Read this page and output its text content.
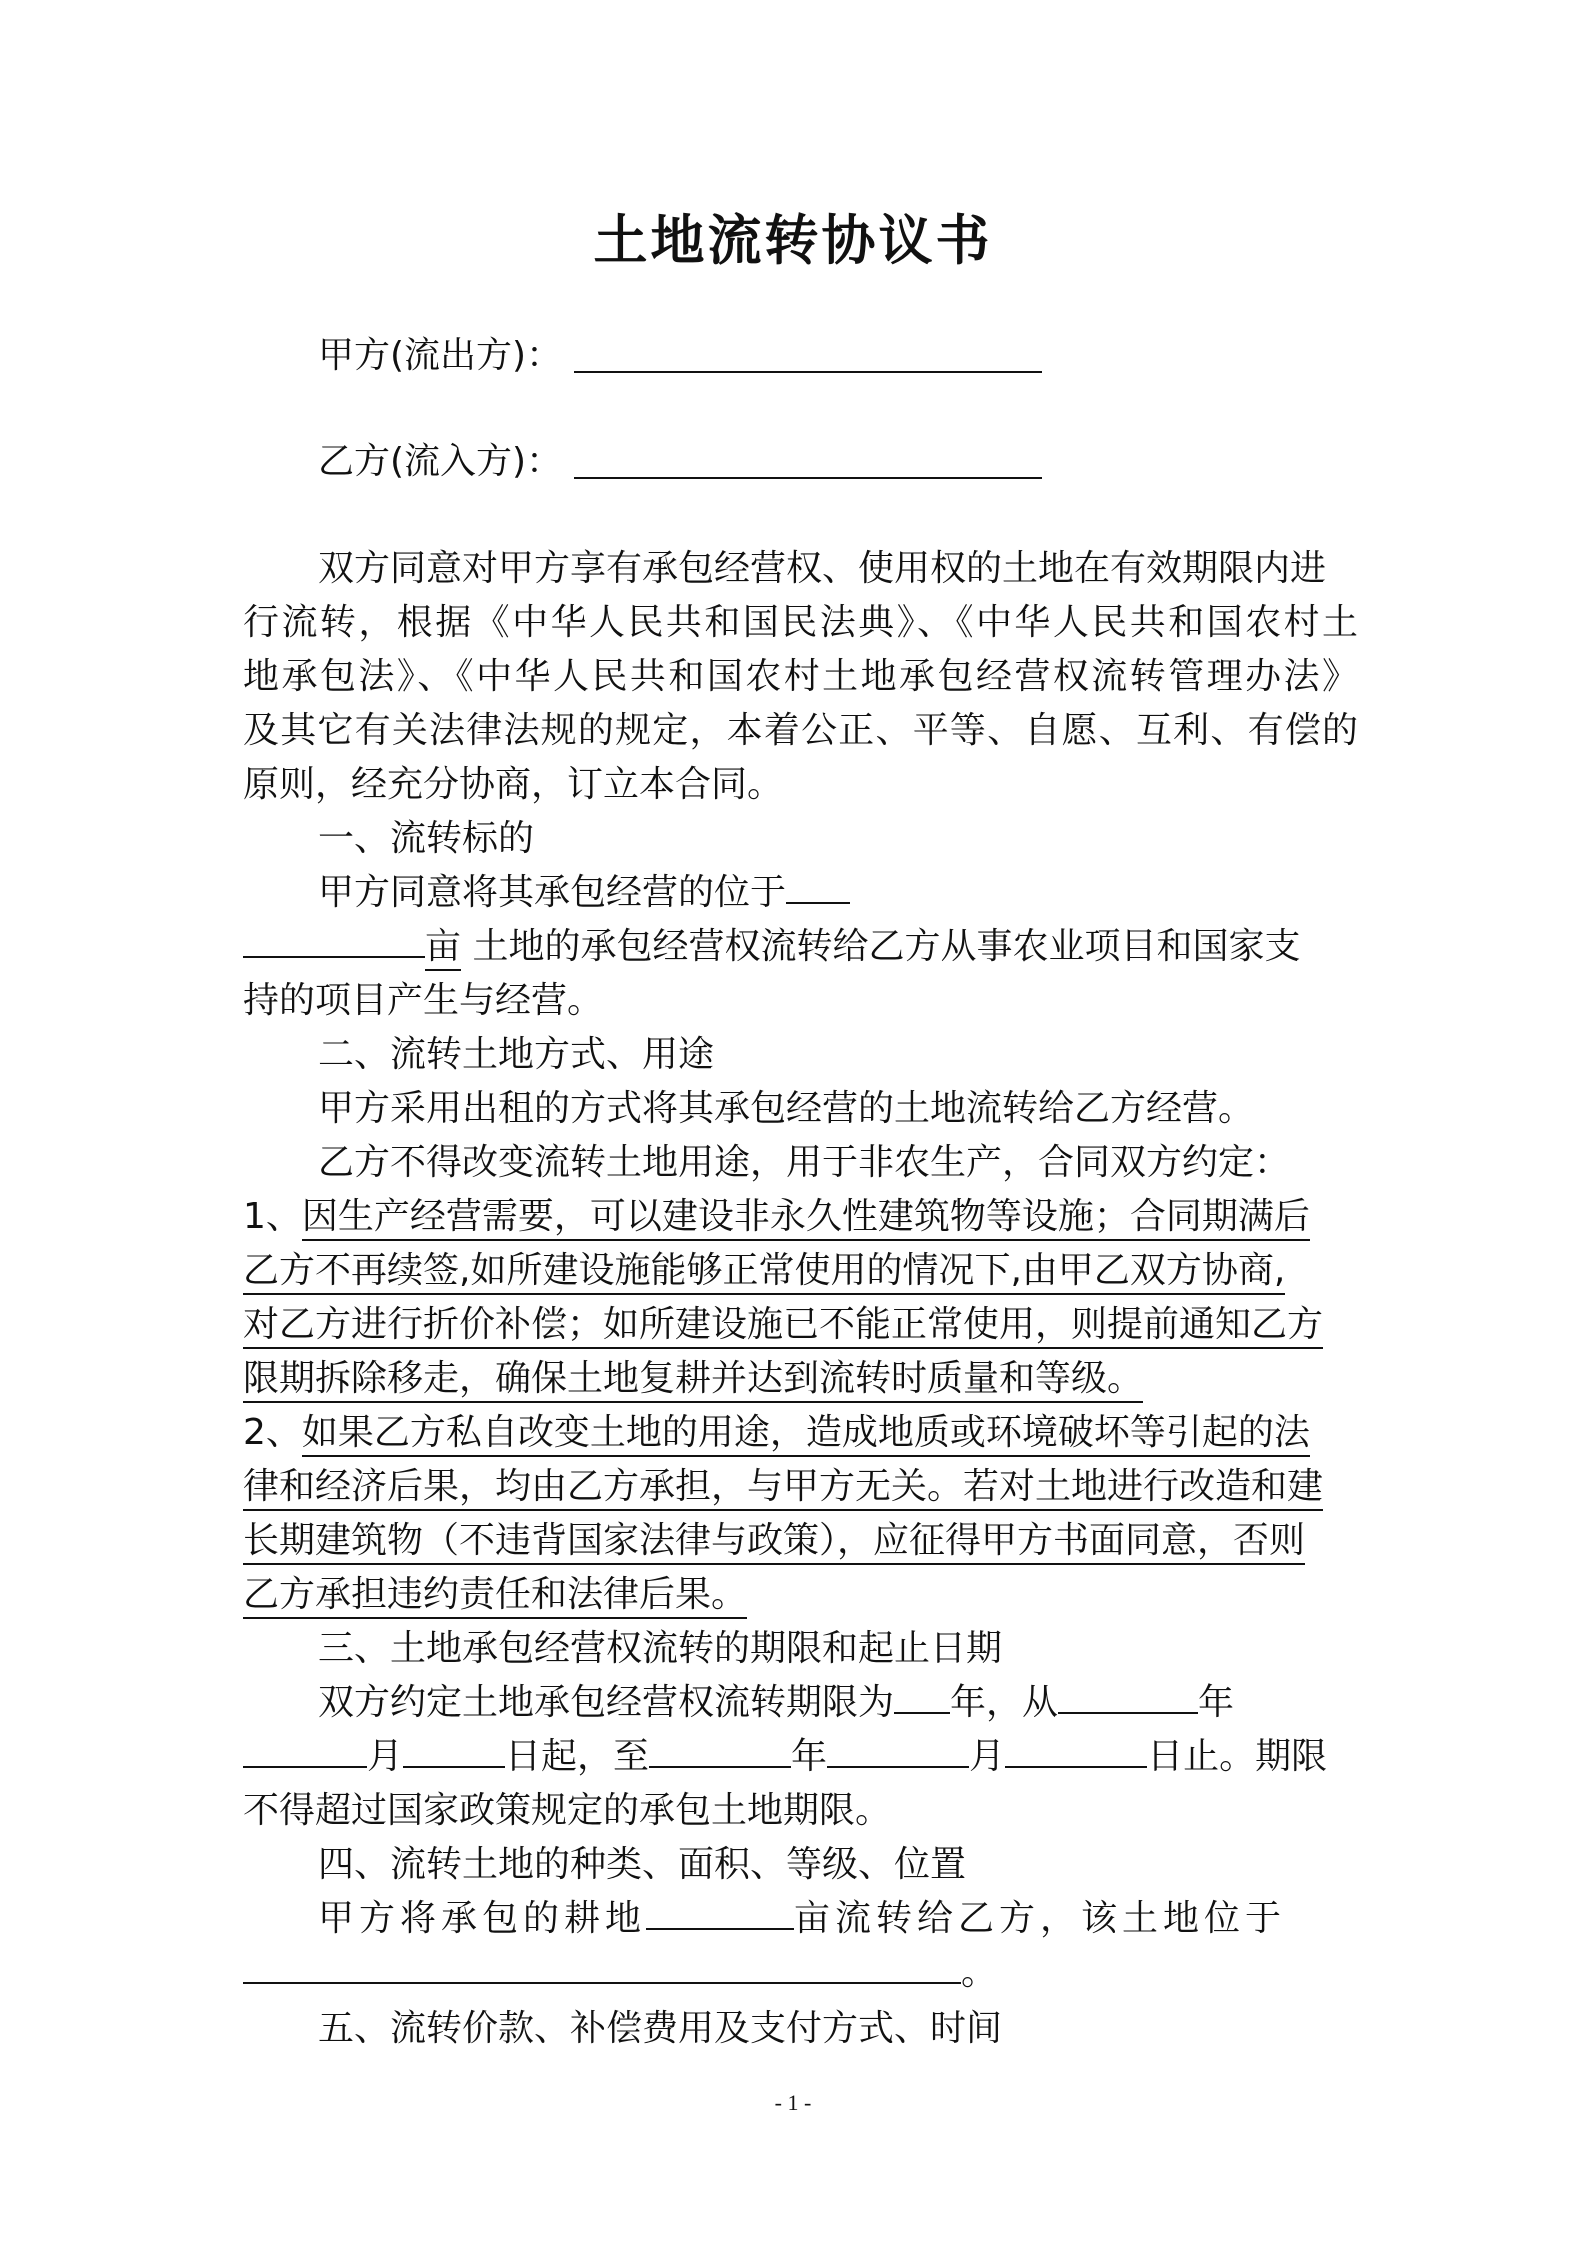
土地流转协议书
甲方(流出方)：
乙方(流入方)：
双方同意对甲方享有承包经营权、使用权的土地在有效期限内进
行流转，根据《中华人民共和国民法典》、《中华人民共和国农村土
地承包法》、《中华人民共和国农村土地承包经营权流转管理办法》
及其它有关法律法规的规定，本着公正、平等、自愿、互利、有偿的
原则，经充分协商，订立本合同。
一、流转标的
甲方同意将其承包经营的位于
亩 土地的承包经营权流转给乙方从事农业项目和国家支
持的项目产生与经营。
二、流转土地方式、用途
甲方采用出租的方式将其承包经营的土地流转给乙方经营。
乙方不得改变流转土地用途，用于非农生产，合同双方约定：
1、因生产经营需要，可以建设非永久性建筑物等设施；合同期满后
乙方不再续签,如所建设施能够正常使用的情况下,由甲乙双方协商,
对乙方进行折价补偿；如所建设施已不能正常使用，则提前通知乙方
限期拆除移走，确保土地复耕并达到流转时质量和等级。
2、如果乙方私自改变土地的用途，造成地质或环境破坏等引起的法
律和经济后果，均由乙方承担，与甲方无关。若对土地进行改造和建
长期建筑物（不违背国家法律与政策），应征得甲方书面同意，否则
乙方承担违约责任和法律后果。
三、土地承包经营权流转的期限和起止日期
双方约定土地承包经营权流转期限为 年，从	年
月	日起，至	年	月	日止。期限
不得超过国家政策规定的承包土地期限。
四、流转土地的种类、面积、等级、位置
甲方将承包的耕地	亩流转给乙方，该土地位于
。
五、流转价款、补偿费用及支付方式、时间
- 1 -
